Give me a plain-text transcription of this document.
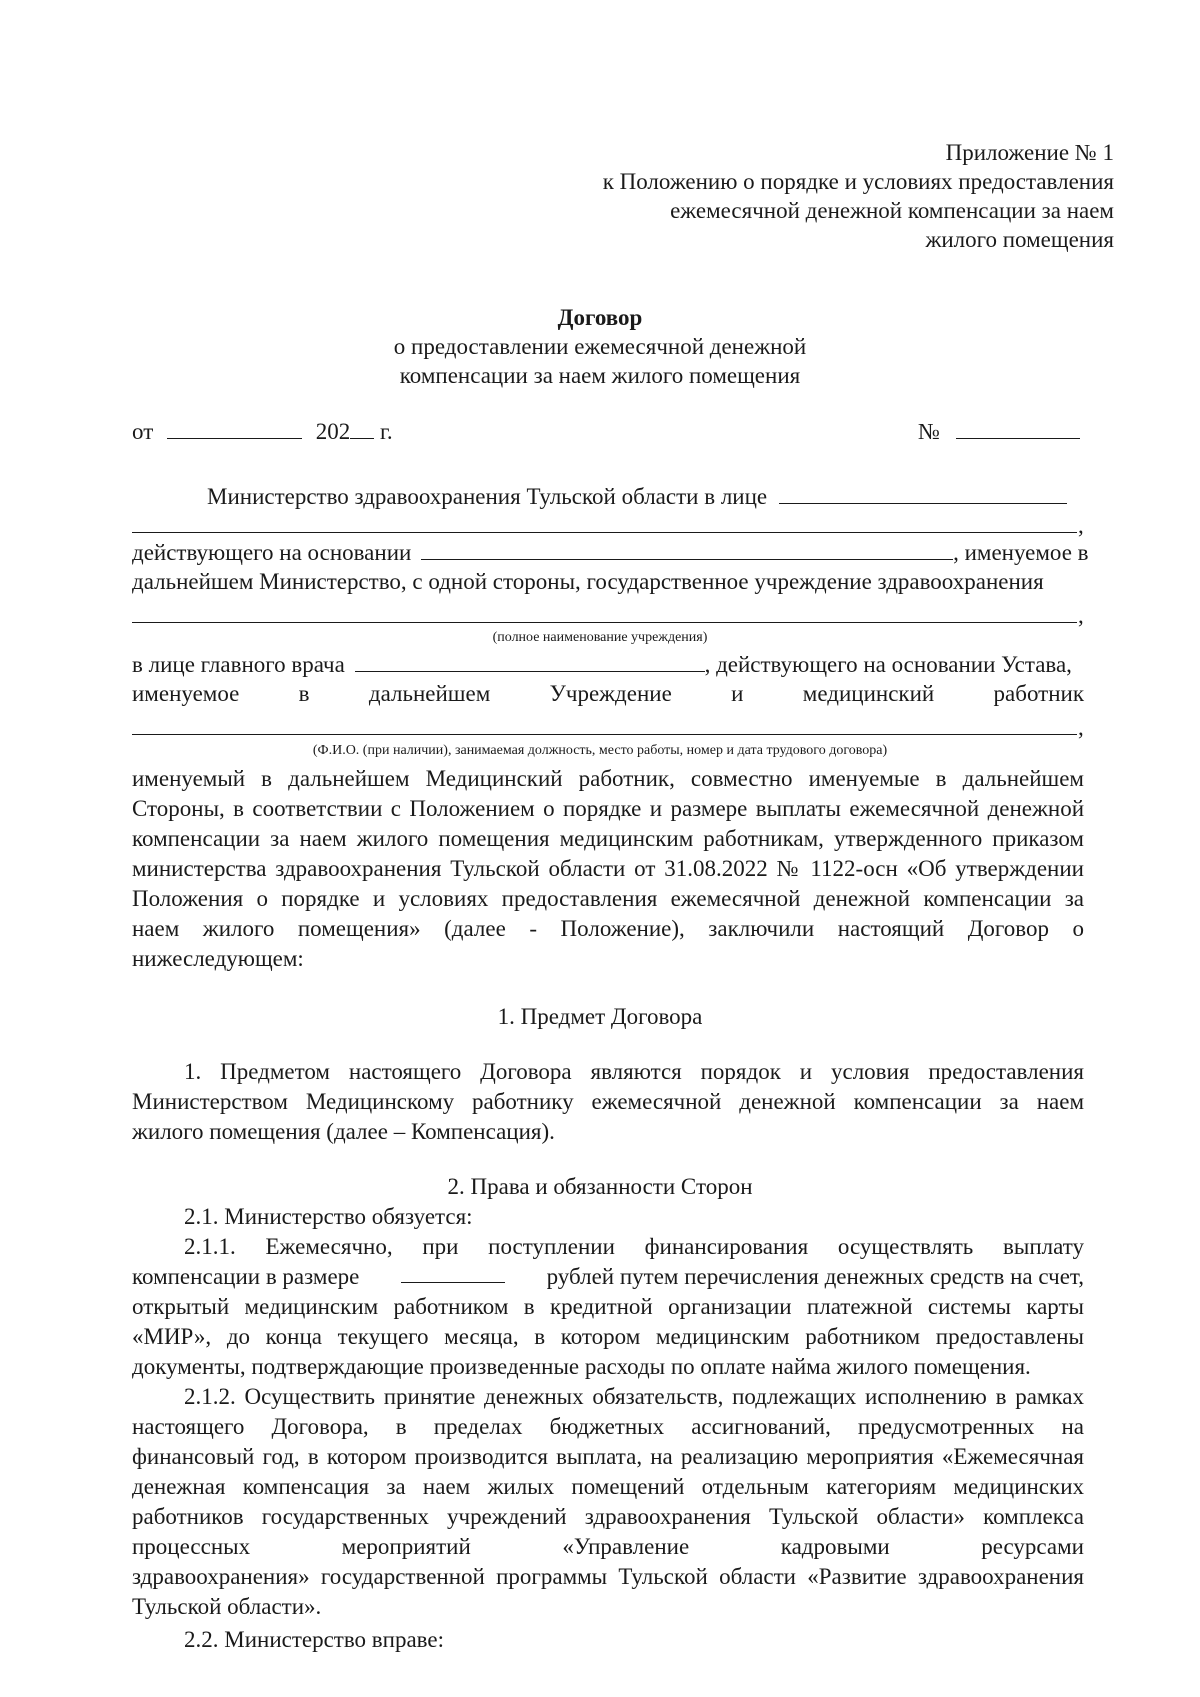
Приложение № 1
к Положению о порядке и условиях предоставления
ежемесячной денежной компенсации за наем
жилого помещения
Договор
о предоставлении ежемесячной денежной
компенсации за наем жилого помещения
от	202 г.	№
Министерство здравоохранения Тульской области в лице
,
действующего на основании	, именуемое в
дальнейшем Министерство, с одной стороны, государственное учреждение здравоохранения
,
(полное наименование учреждения)
в лице главного врача	, действующего на основании Устава,
именуемое в дальнейшем Учреждение и медицинский работник
,
(Ф.И.О. (при наличии), занимаемая должность, место работы, номер и дата трудового договора)
именуемый в дальнейшем Медицинский работник, совместно именуемые в дальнейшем
Стороны, в соответствии с Положением о порядке и размере выплаты ежемесячной денежной
компенсации за наем жилого помещения медицинским работникам, утвержденного приказом
министерства здравоохранения Тульской области от 31.08.2022 № 1122-осн «Об утверждении
Положения о порядке и условиях предоставления ежемесячной денежной компенсации за
наем жилого помещения» (далее - Положение), заключили настоящий Договор о
нижеследующем:
1. Предмет Договора
1. Предметом настоящего Договора являются порядок и условия предоставления
Министерством Медицинскому работнику ежемесячной денежной компенсации за наем
жилого помещения (далее – Компенсация).
2. Права и обязанности Сторон
2.1. Министерство обязуется:
2.1.1. Ежемесячно, при поступлении финансирования осуществлять выплату
компенсации в размере	рублей путем перечисления денежных средств на счет,
открытый медицинским работником в кредитной организации платежной системы карты
«МИР», до конца текущего месяца, в котором медицинским работником предоставлены
документы, подтверждающие произведенные расходы по оплате найма жилого помещения.
2.1.2. Осуществить принятие денежных обязательств, подлежащих исполнению в рамках
настоящего Договора, в пределах бюджетных ассигнований, предусмотренных на
финансовый год, в котором производится выплата, на реализацию мероприятия «Ежемесячная
денежная компенсация за наем жилых помещений отдельным категориям медицинских
работников государственных учреждений здравоохранения Тульской области» комплекса
процессных мероприятий «Управление кадровыми ресурсами
здравоохранения» государственной программы Тульской области «Развитие здравоохранения
Тульской области».
2.2. Министерство вправе:
